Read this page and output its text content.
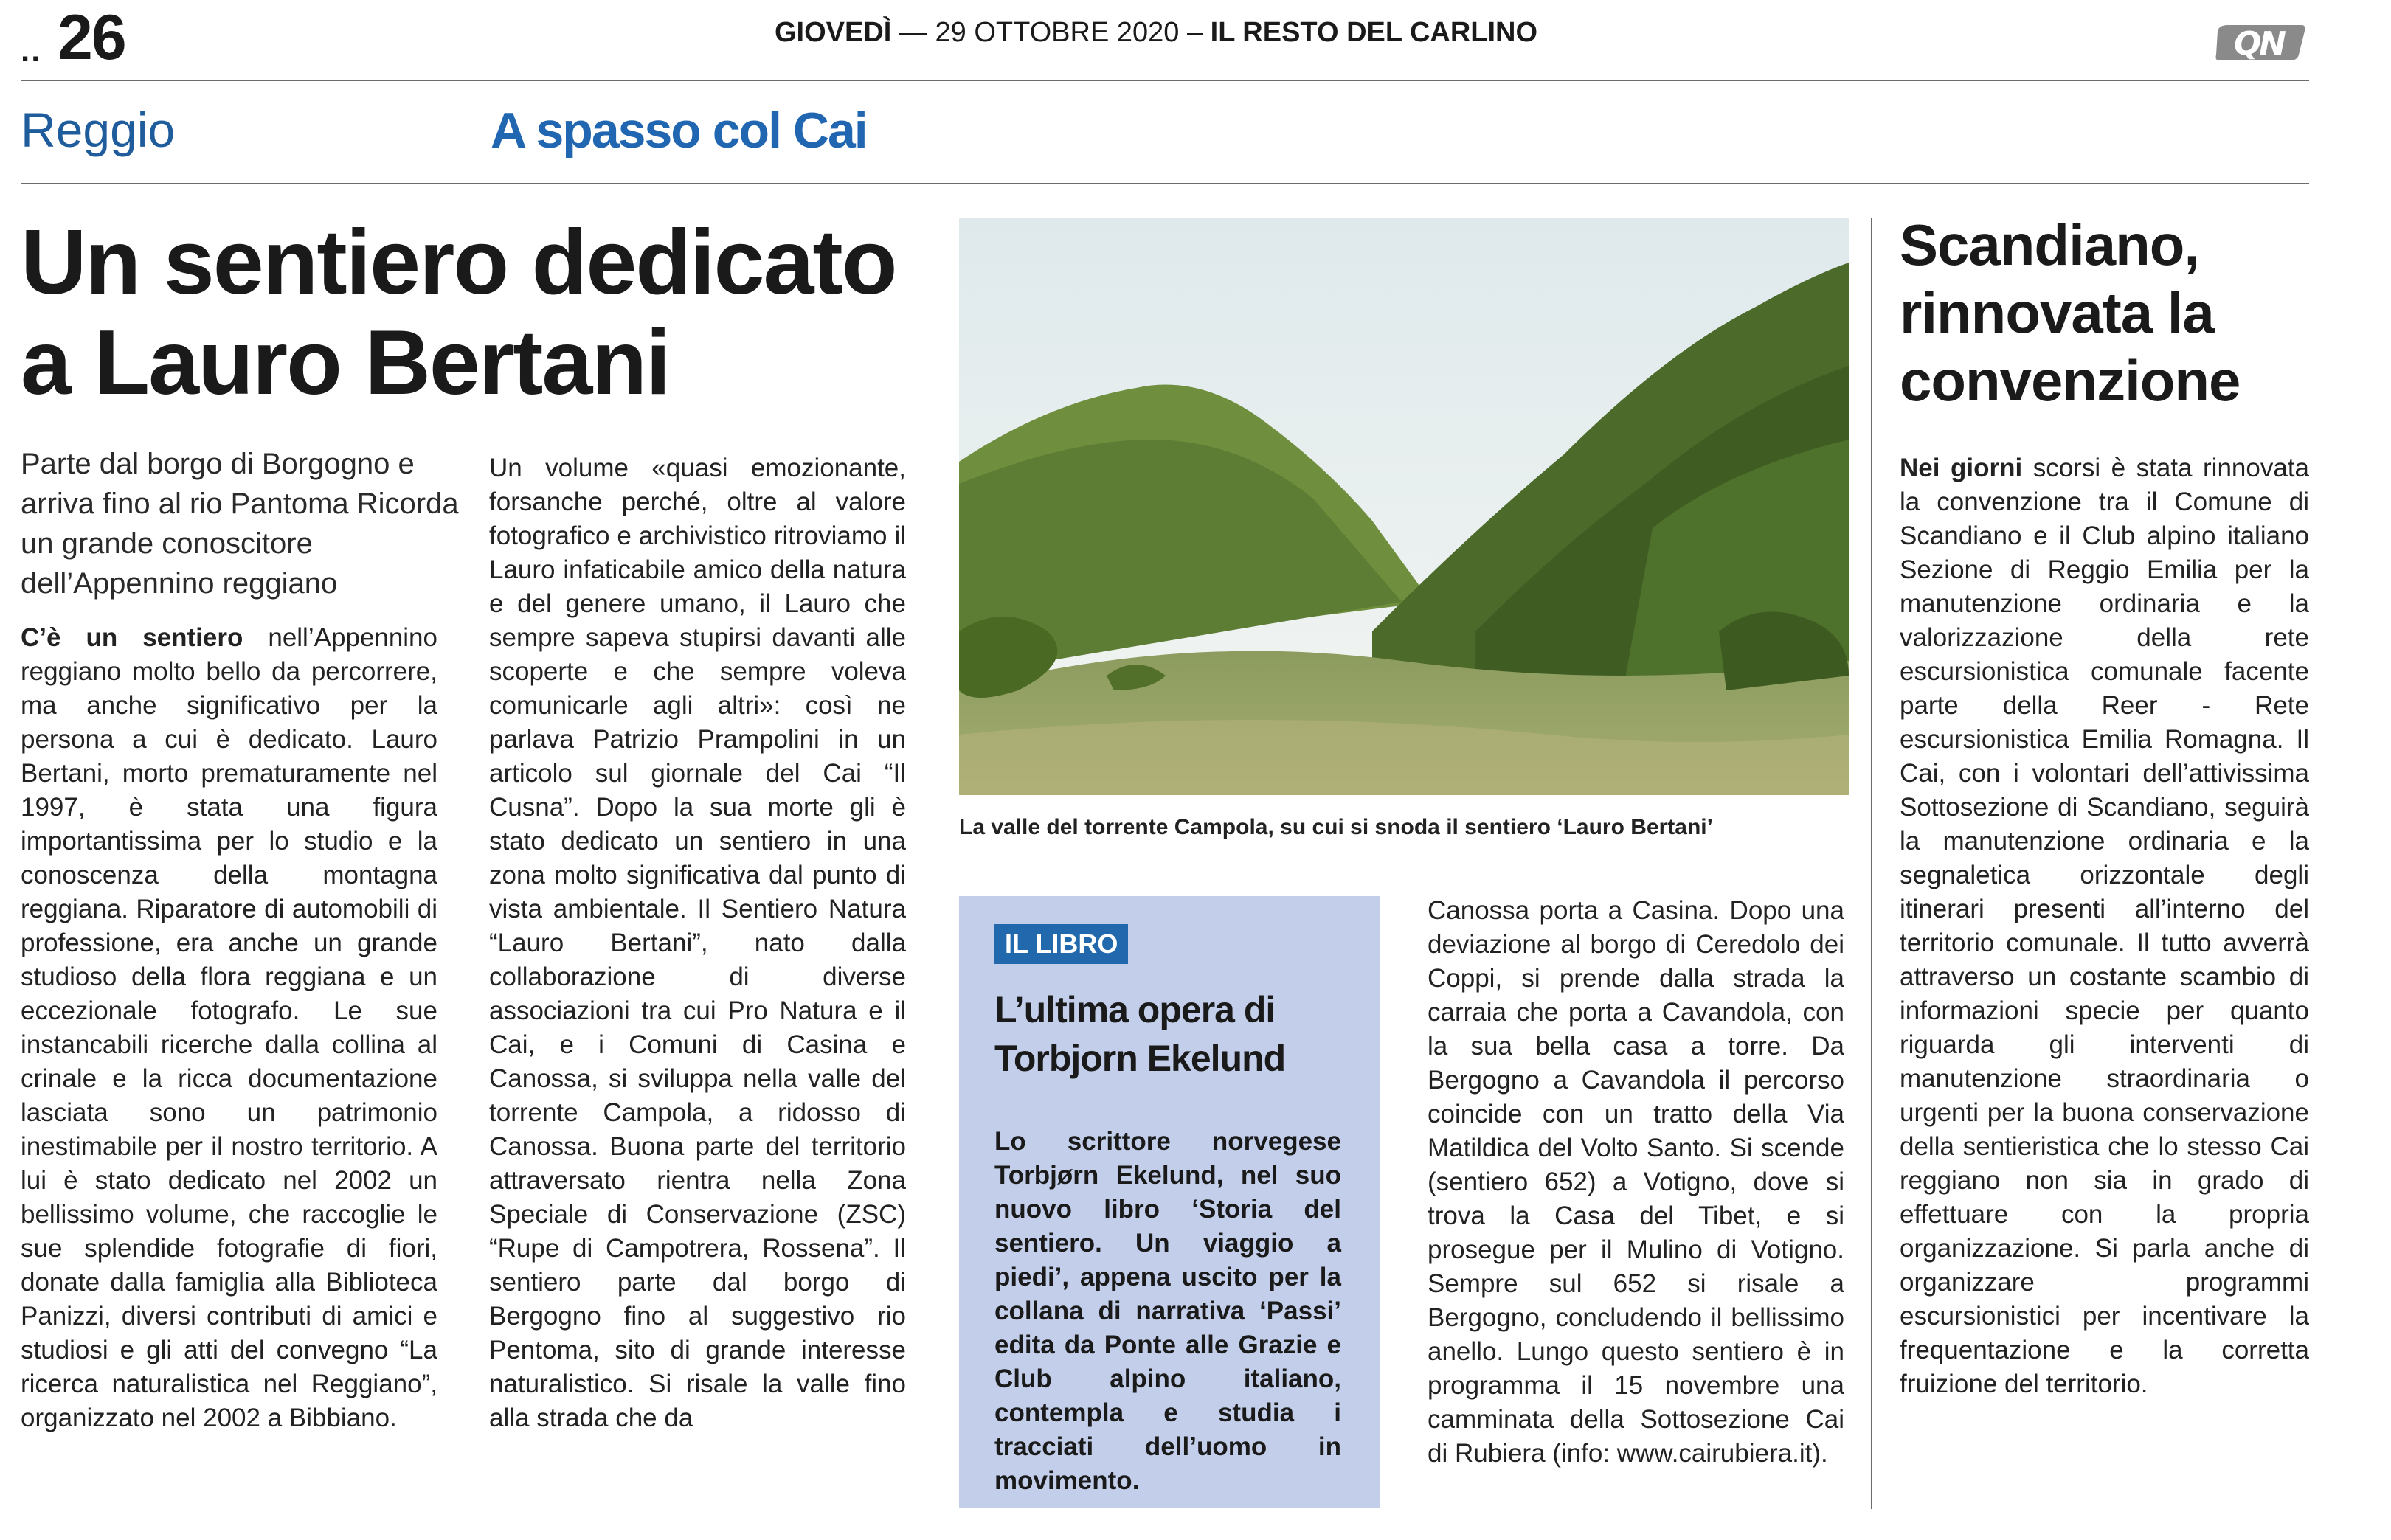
.. 26	GIOVEDÌ — 29 OTTOBRE 2020 – IL RESTO DEL CARLINO	QN
Reggio	A spasso col Cai
Un sentiero dedicato a Lauro Bertani
Parte dal borgo di Borgogno e arriva fino al rio Pantoma Ricorda un grande conoscitore dell’Appennino reggiano
C’è un sentiero nell’Appennino reggiano molto bello da percorrere, ma anche significativo per la persona a cui è dedicato. Lauro Bertani, morto prematuramente nel 1997, è stata una figura importantissima per lo studio e la conoscenza della montagna reggiana. Riparatore di automobili di professione, era anche un grande studioso della flora reggiana e un eccezionale fotografo. Le sue instancabili ricerche dalla collina al crinale e la ricca documentazione lasciata sono un patrimonio inestimabile per il nostro territorio. A lui è stato dedicato nel 2002 un bellissimo volume, che raccoglie le sue splendide fotografie di fiori, donate dalla famiglia alla Biblioteca Panizzi, diversi contributi di amici e studiosi e gli atti del convegno “La ricerca naturalistica nel Reggiano”, organizzato nel 2002 a Bibbiano.
Un volume «quasi emozionante, forsanche perché, oltre al valore fotografico e archivistico ritroviamo il Lauro infaticabile amico della natura e del genere umano, il Lauro che sempre sapeva stupirsi davanti alle scoperte e che sempre voleva comunicarle agli altri»: così ne parlava Patrizio Prampolini in un articolo sul giornale del Cai “Il Cusna”. Dopo la sua morte gli è stato dedicato un sentiero in una zona molto significativa dal punto di vista ambientale. Il Sentiero Natura “Lauro Bertani”, nato dalla collaborazione di diverse associazioni tra cui Pro Natura e il Cai, e i Comuni di Casina e Canossa, si sviluppa nella valle del torrente Campola, a ridosso di Canossa. Buona parte del territorio attraversato rientra nella Zona Speciale di Conservazione (ZSC) “Rupe di Campotrera, Rossena”. Il sentiero parte dal borgo di Bergogno fino al suggestivo rio Pentoma, sito di grande interesse naturalistico. Si risale la valle fino alla strada che da
Canossa porta a Casina. Dopo una deviazione al borgo di Ceredolo dei Coppi, si prende dalla strada la carraia che porta a Cavandola, con la sua bella casa a torre. Da Bergogno a Cavandola il percorso coincide con un tratto della Via Matildica del Volto Santo. Si scende (sentiero 652) a Votigno, dove si trova la Casa del Tibet, e si prosegue per il Mulino di Votigno. Sempre sul 652 si risale a Bergogno, concludendo il bellissimo anello. Lungo questo sentiero è in programma il 15 novembre una camminata della Sottosezione Cai di Rubiera (info: www.cairubiera.it).
La valle del torrente Campola, su cui si snoda il sentiero ‘Lauro Bertani’
IL LIBRO
L’ultima opera di Torbjorn Ekelund
Lo scrittore norvegese Torbjørn Ekelund, nel suo nuovo libro ‘Storia del sentiero. Un viaggio a piedi’, appena uscito per la collana di narrativa ‘Passi’ edita da Ponte alle Grazie e Club alpino italiano, contempla e studia i tracciati dell’uomo in movimento.
Scandiano, rinnovata la convenzione
Nei giorni scorsi è stata rinnovata la convenzione tra il Comune di Scandiano e il Club alpino italiano Sezione di Reggio Emilia per la manutenzione ordinaria e la valorizzazione della rete escursionistica comunale facente parte della Reer - Rete escursionistica Emilia Romagna. Il Cai, con i volontari dell’attivissima Sottosezione di Scandiano, seguirà la manutenzione ordinaria e la segnaletica orizzontale degli itinerari presenti all’interno del territorio comunale. Il tutto avverrà attraverso un costante scambio di informazioni specie per quanto riguarda gli interventi di manutenzione straordinaria o urgenti per la buona conservazione della sentieristica che lo stesso Cai reggiano non sia in grado di effettuare con la propria organizzazione. Si parla anche di organizzare programmi escursionistici per incentivare la frequentazione e la corretta fruizione del territorio.
